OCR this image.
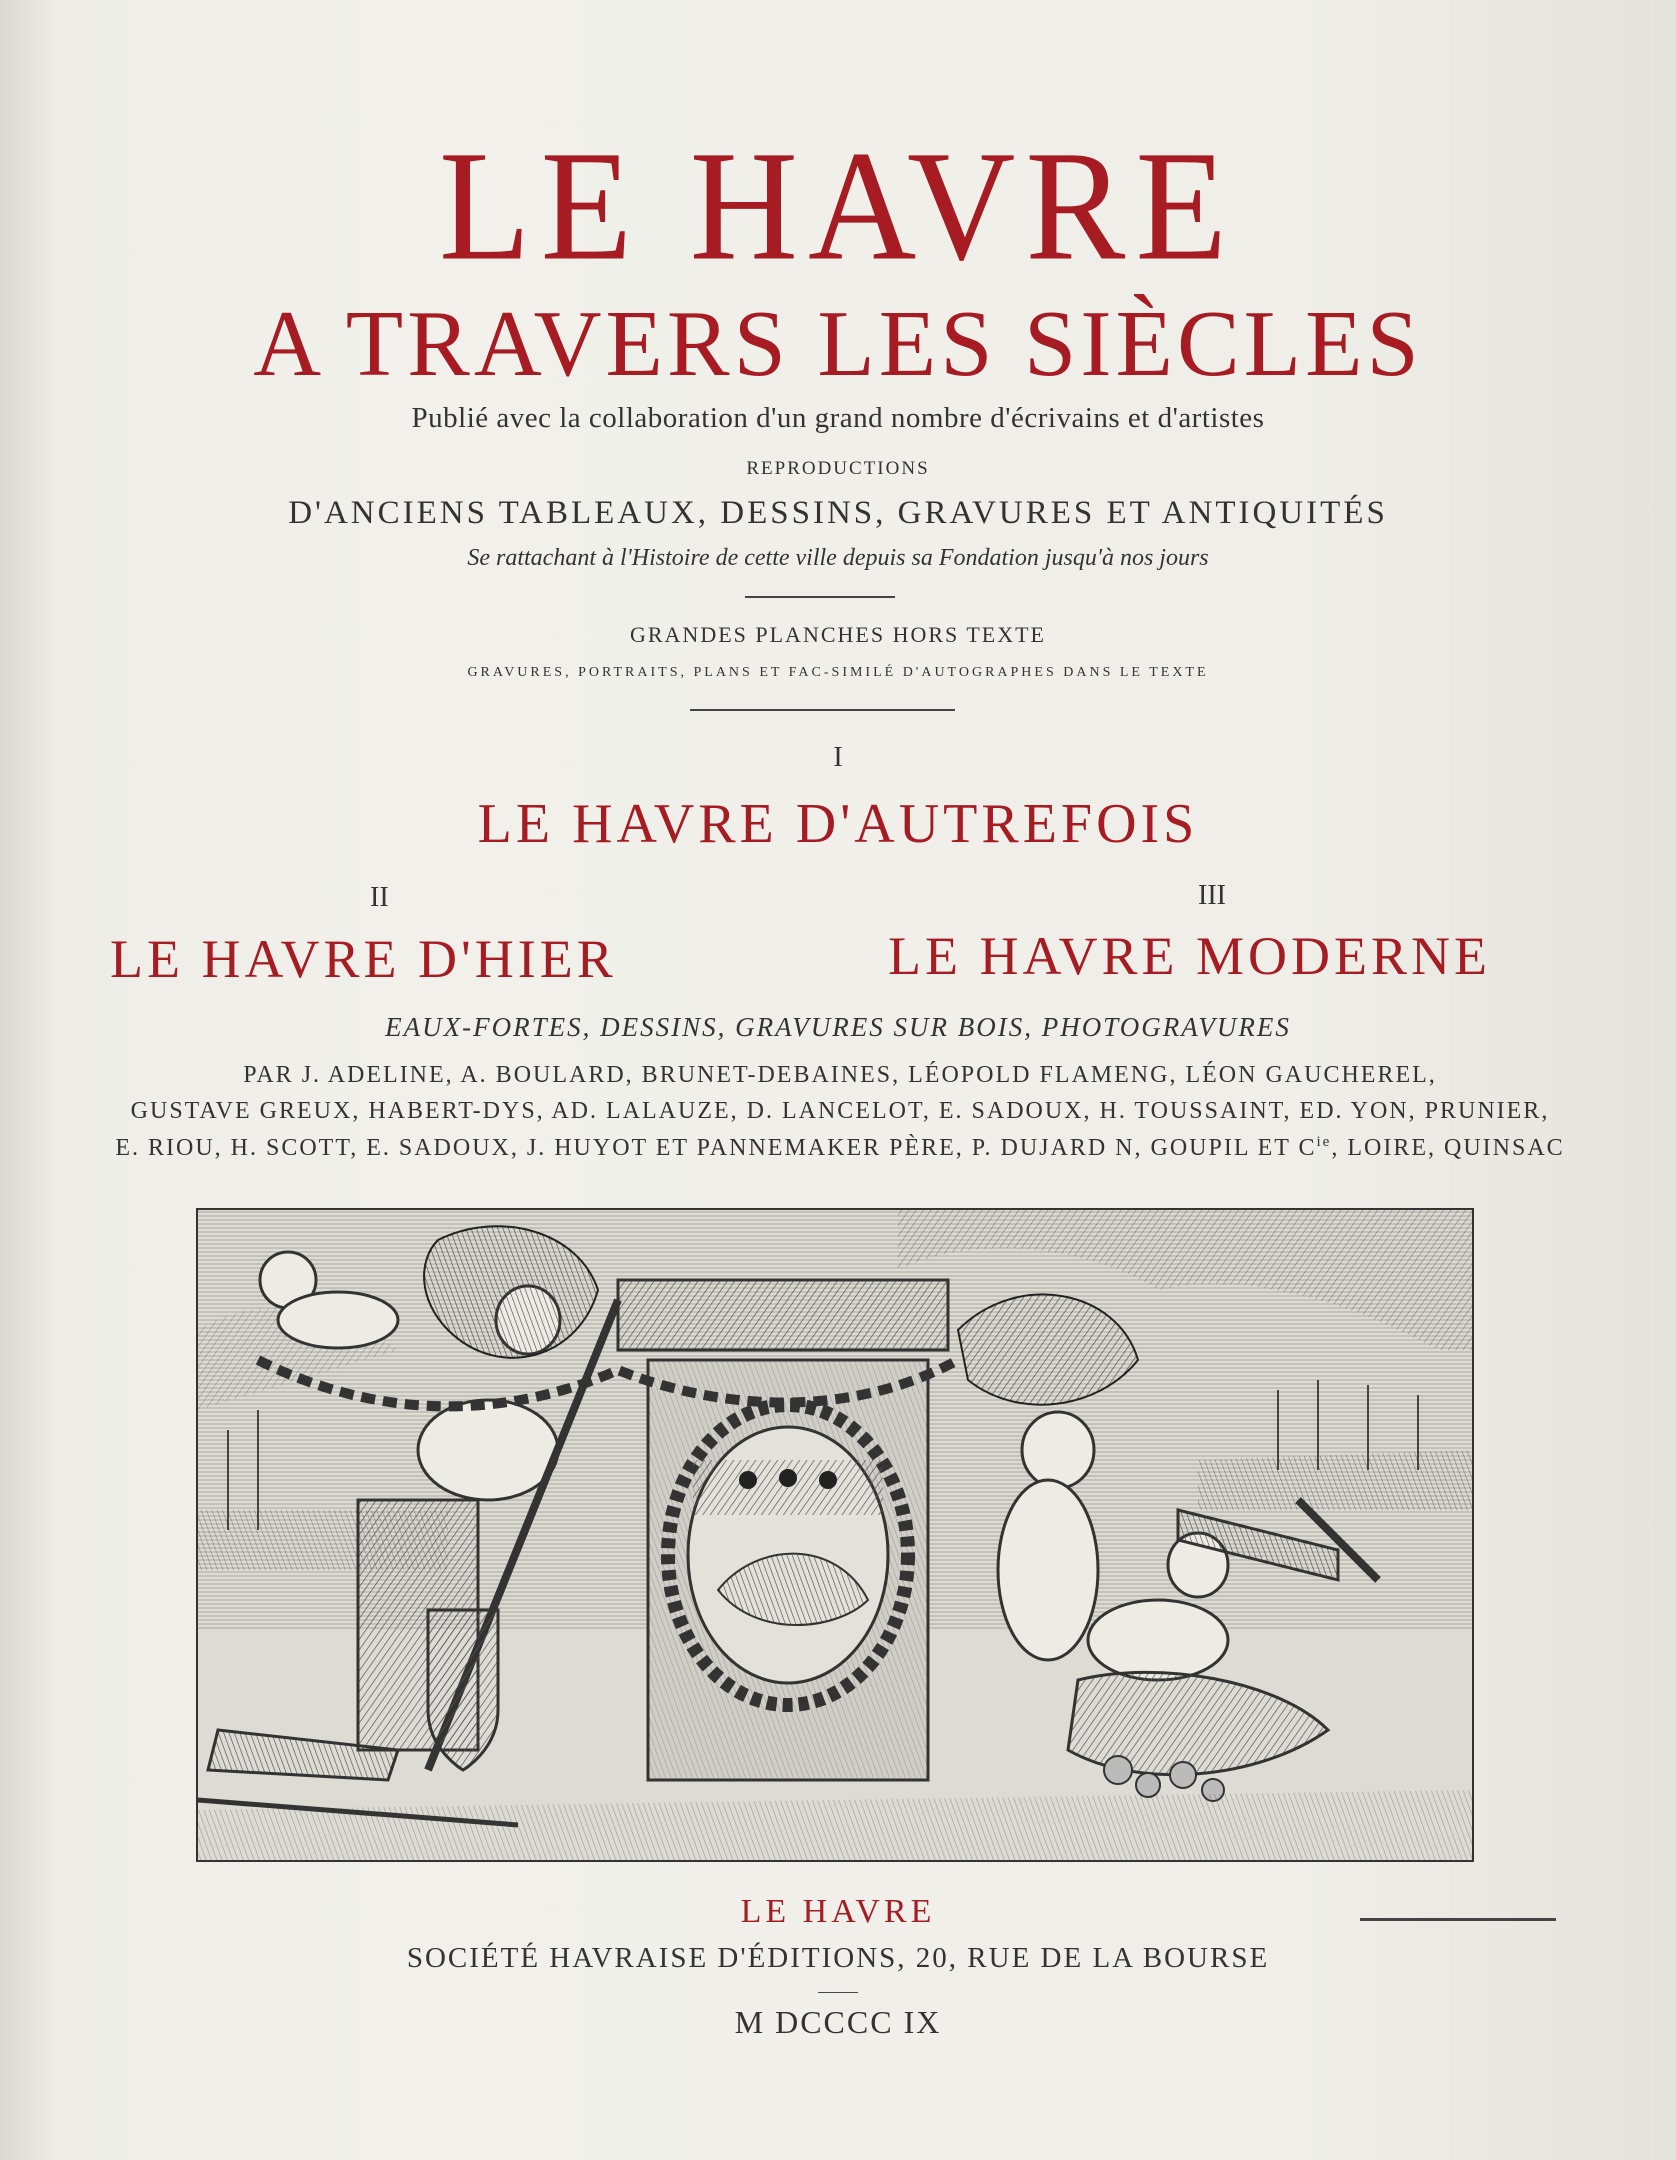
LE HAVRE
A TRAVERS LES SIÈCLES
Publié avec la collaboration d'un grand nombre d'écrivains et d'artistes
REPRODUCTIONS
D'ANCIENS TABLEAUX, DESSINS, GRAVURES ET ANTIQUITÉS
Se rattachant à l'Histoire de cette ville depuis sa Fondation jusqu'à nos jours
GRANDES PLANCHES HORS TEXTE
GRAVURES, PORTRAITS, PLANS ET FAC-SIMILÉ D'AUTOGRAPHES DANS LE TEXTE
I
LE HAVRE D'AUTREFOIS
II	III
LE HAVRE D'HIER	LE HAVRE MODERNE
EAUX-FORTES, DESSINS, GRAVURES SUR BOIS, PHOTOGRAVURES
PAR J. ADELINE, A. BOULARD, BRUNET-DEBAINES, LÉOPOLD FLAMENG, LÉON GAUCHEREL,
GUSTAVE GREUX, HABERT-DYS, AD. LALAUZE, D. LANCELOT, E. SADOUX, H. TOUSSAINT, ED. YON, PRUNIER,
E. RIOU, H. SCOTT, E. SADOUX, J. HUYOT ET PANNEMAKER PÈRE, P. DUJARD N, GOUPIL ET $C^{ie}$, LOIRE, QUINSAC
LE HAVRE
SOCIÉTÉ HAVRAISE D'ÉDITIONS, 20, RUE DE LA BOURSE
M DCCCC IX
